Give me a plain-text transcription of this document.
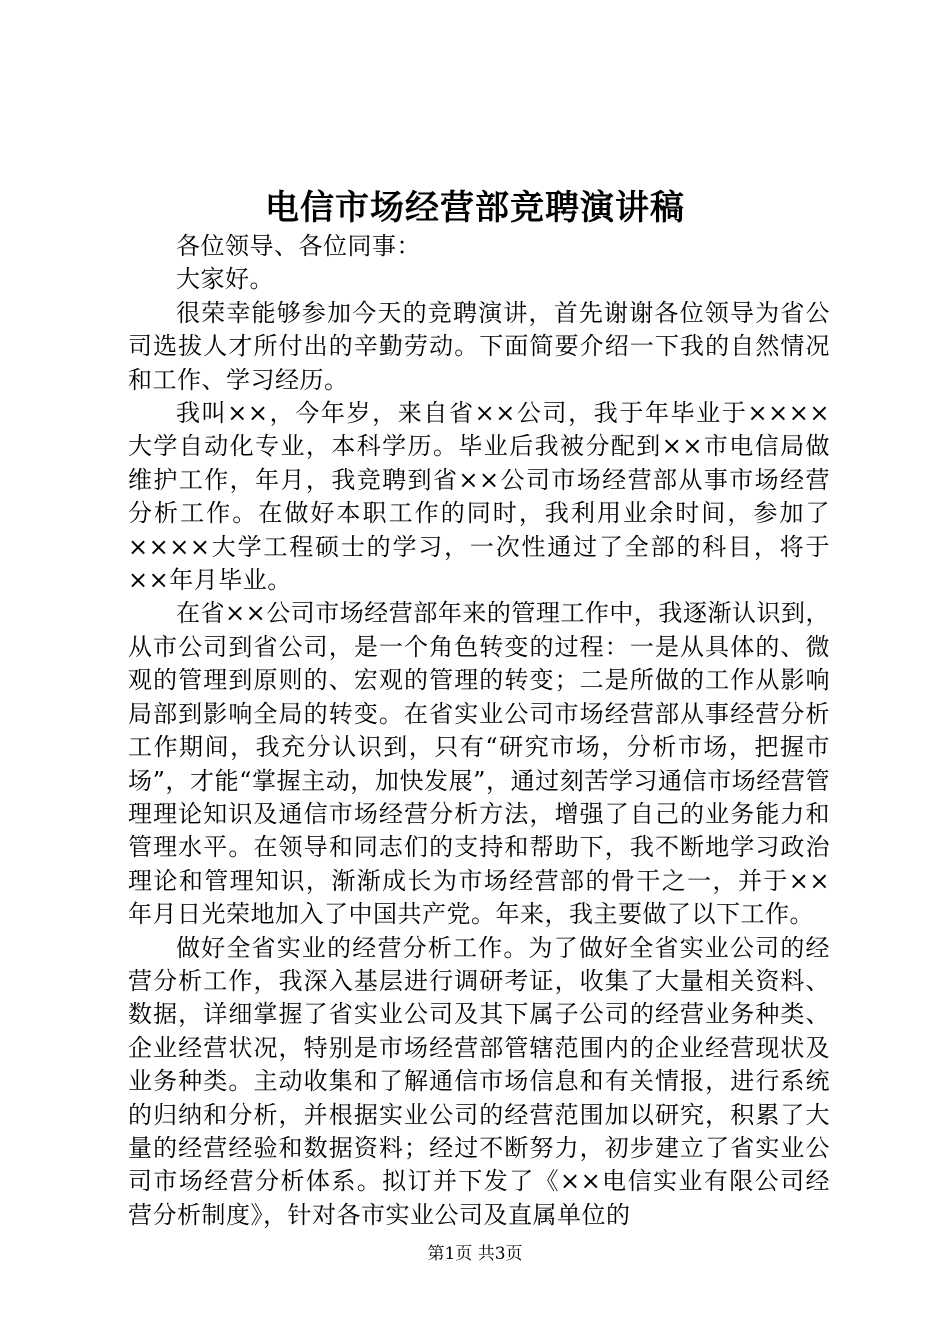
电信市场经营部竞聘演讲稿

各位领导、各位同事：

大家好。

很荣幸能够参加今天的竞聘演讲，首先谢谢各位领导为省公司选拔人才所付出的辛勤劳动。下面简要介绍一下我的自然情况和工作、学习经历。

我叫××，今年岁，来自省××公司，我于年毕业于××××大学自动化专业，本科学历。毕业后我被分配到××市电信局做维护工作，年月，我竞聘到省××公司市场经营部从事市场经营分析工作。在做好本职工作的同时，我利用业余时间，参加了××××大学工程硕士的学习，一次性通过了全部的科目，将于××年月毕业。

在省××公司市场经营部年来的管理工作中，我逐渐认识到，从市公司到省公司，是一个角色转变的过程：一是从具体的、微观的管理到原则的、宏观的管理的转变；二是所做的工作从影响局部到影响全局的转变。在省实业公司市场经营部从事经营分析工作期间，我充分认识到，只有“研究市场，分析市场，把握市场”，才能“掌握主动，加快发展”，通过刻苦学习通信市场经营管理理论知识及通信市场经营分析方法，增强了自己的业务能力和管理水平。在领导和同志们的支持和帮助下，我不断地学习政治理论和管理知识，渐渐成长为市场经营部的骨干之一，并于××年月日光荣地加入了中国共产党。年来，我主要做了以下工作。

做好全省实业的经营分析工作。为了做好全省实业公司的经营分析工作，我深入基层进行调研考证，收集了大量相关资料、数据，详细掌握了省实业公司及其下属子公司的经营业务种类、企业经营状况，特别是市场经营部管辖范围内的企业经营现状及业务种类。主动收集和了解通信市场信息和有关情报，进行系统的归纳和分析，并根据实业公司的经营范围加以研究，积累了大量的经营经验和数据资料；经过不断努力，初步建立了省实业公司市场经营分析体系。拟订并下发了《××电信实业有限公司经营分析制度》，针对各市实业公司及直属单位的

第1页 共3页
